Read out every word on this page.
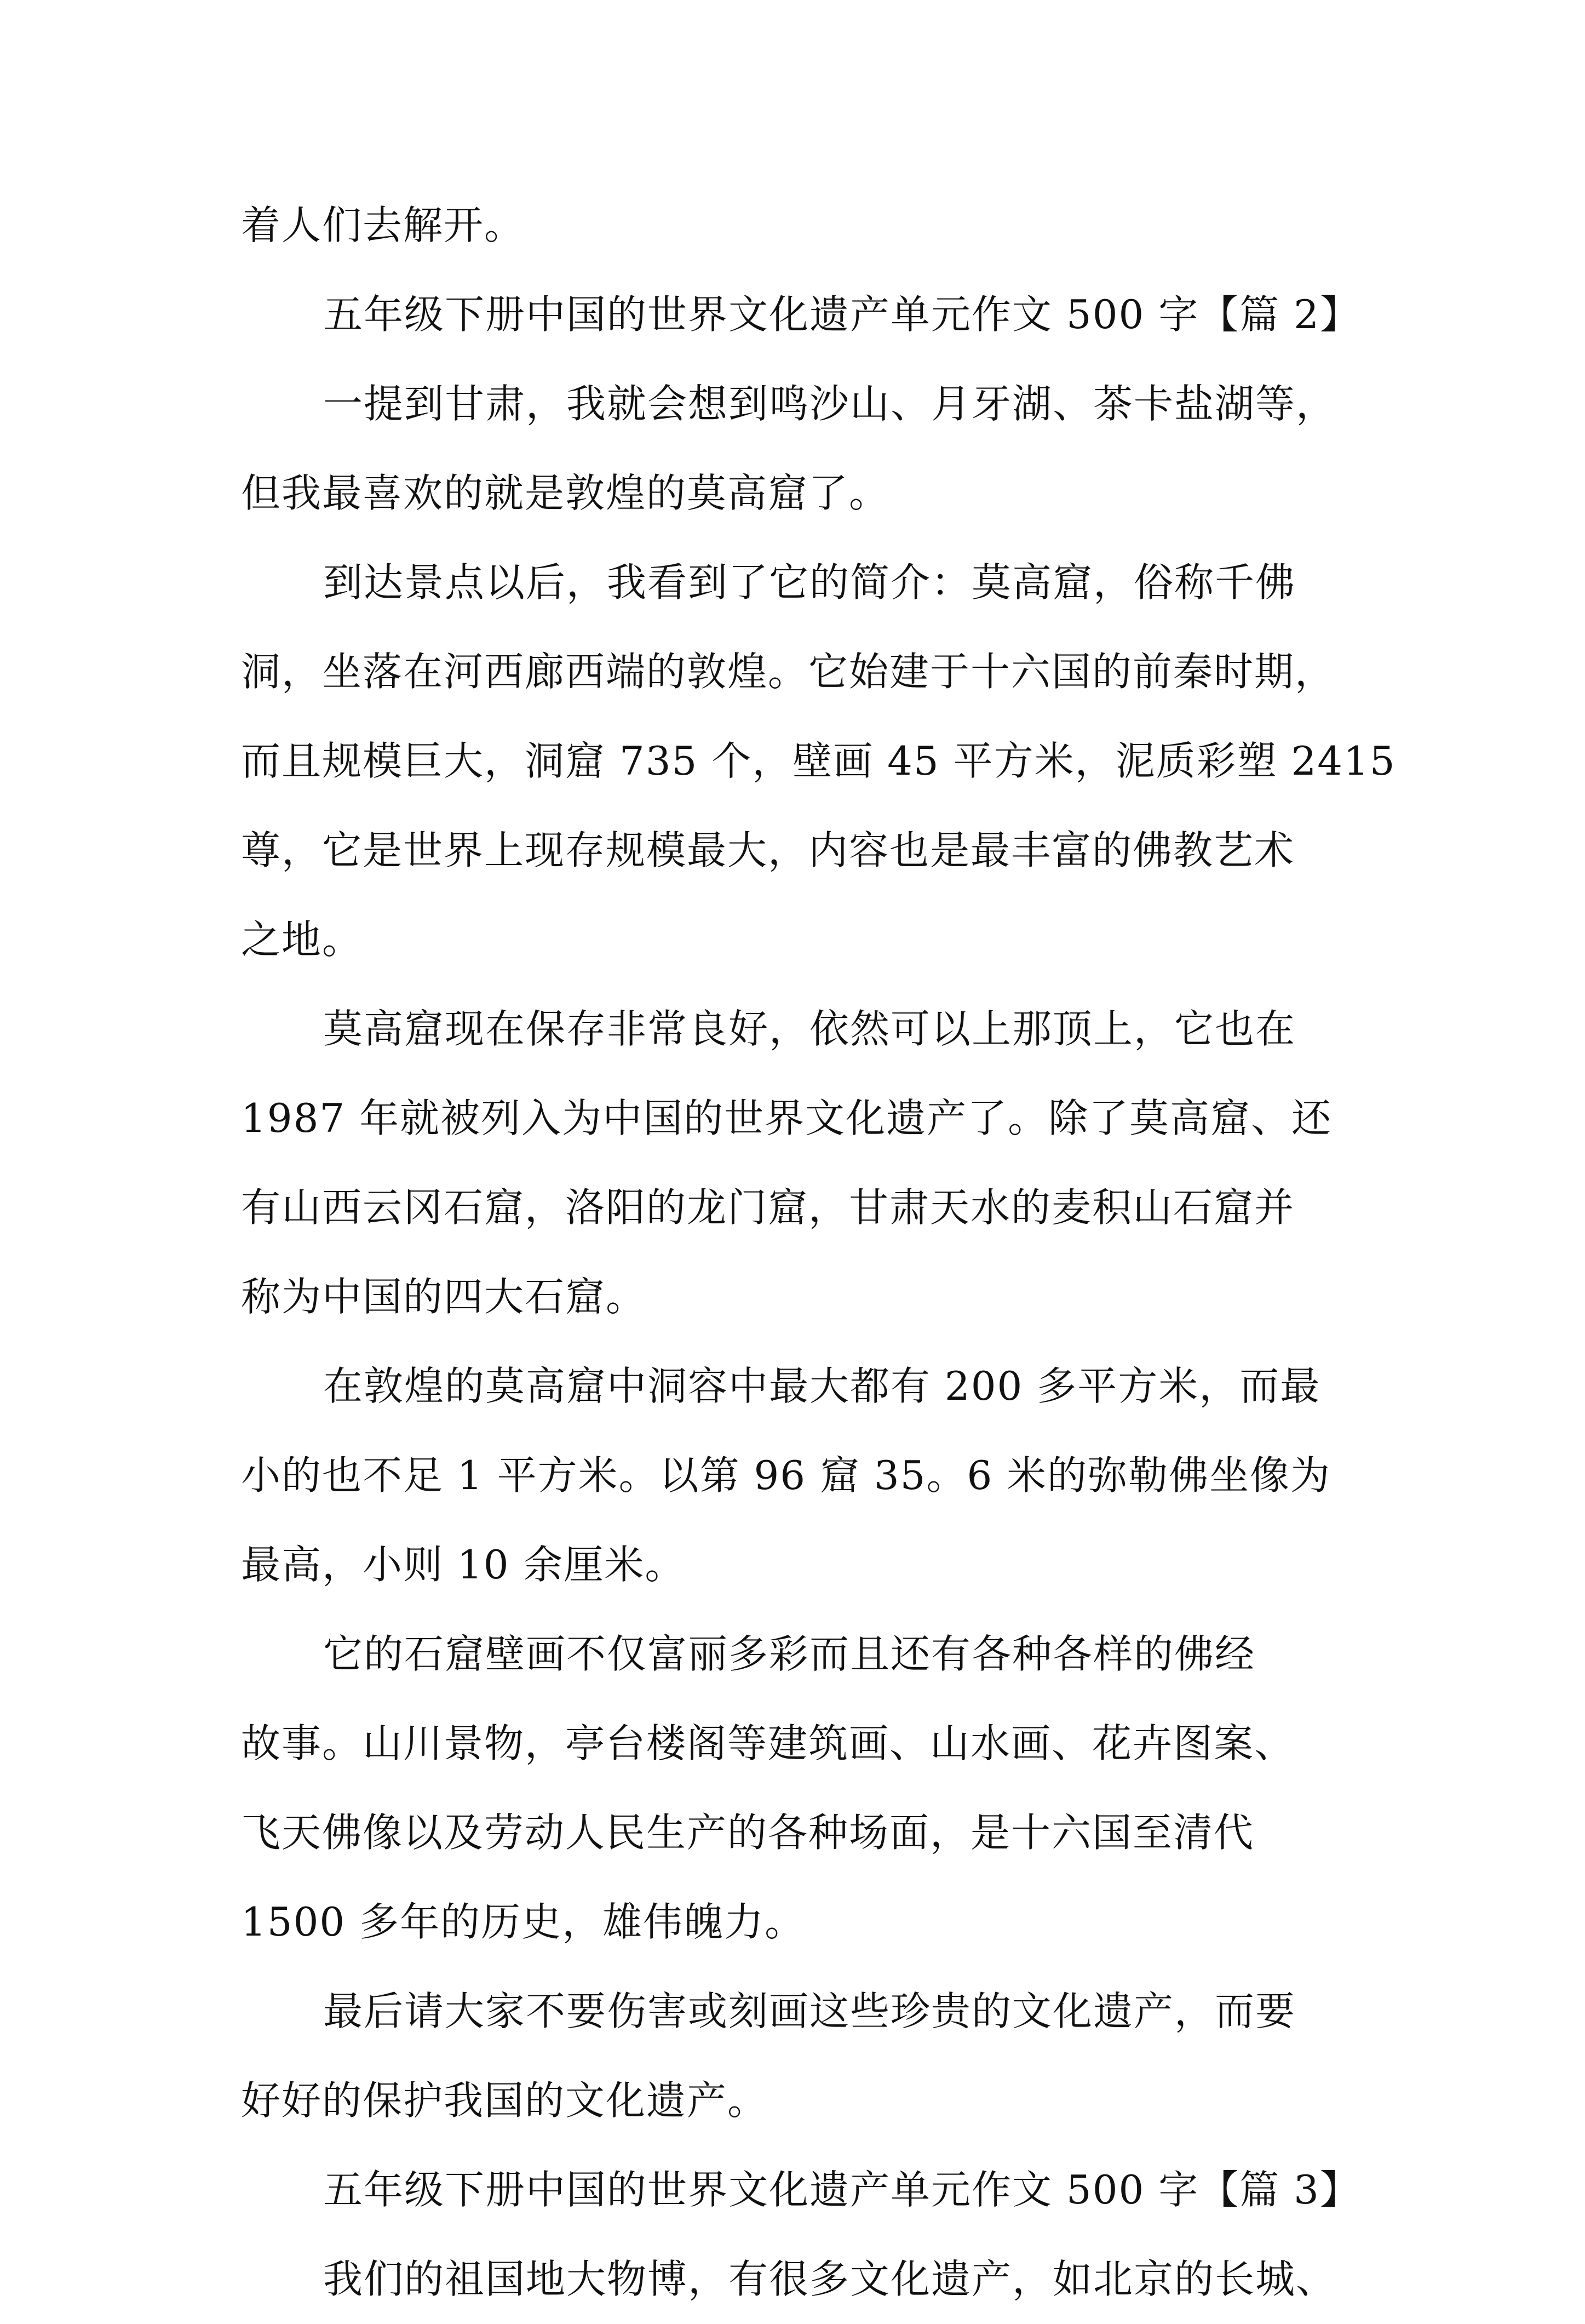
着人们去解开。
五年级下册中国的世界文化遗产单元作文 500 字【篇 2】
一提到甘肃，我就会想到鸣沙山、月牙湖、茶卡盐湖等，
但我最喜欢的就是敦煌的莫高窟了。
到达景点以后，我看到了它的简介：莫高窟，俗称千佛
洞，坐落在河西廊西端的敦煌。它始建于十六国的前秦时期，
而且规模巨大，洞窟 735 个，壁画 45 平方米，泥质彩塑 2415
尊，它是世界上现存规模最大，内容也是最丰富的佛教艺术
之地。
莫高窟现在保存非常良好，依然可以上那顶上，它也在
1987 年就被列入为中国的世界文化遗产了。除了莫高窟、还
有山西云冈石窟，洛阳的龙门窟，甘肃天水的麦积山石窟并
称为中国的四大石窟。
在敦煌的莫高窟中洞容中最大都有 200 多平方米，而最
小的也不足 1 平方米。以第 96 窟 35。6 米的弥勒佛坐像为
最高，小则 10 余厘米。
它的石窟壁画不仅富丽多彩而且还有各种各样的佛经
故事。山川景物，亭台楼阁等建筑画、山水画、花卉图案、
飞天佛像以及劳动人民生产的各种场面，是十六国至清代
1500 多年的历史，雄伟魄力。
最后请大家不要伤害或刻画这些珍贵的文化遗产，而要
好好的保护我国的文化遗产。
五年级下册中国的世界文化遗产单元作文 500 字【篇 3】
我们的祖国地大物博，有很多文化遗产，如北京的长城、
